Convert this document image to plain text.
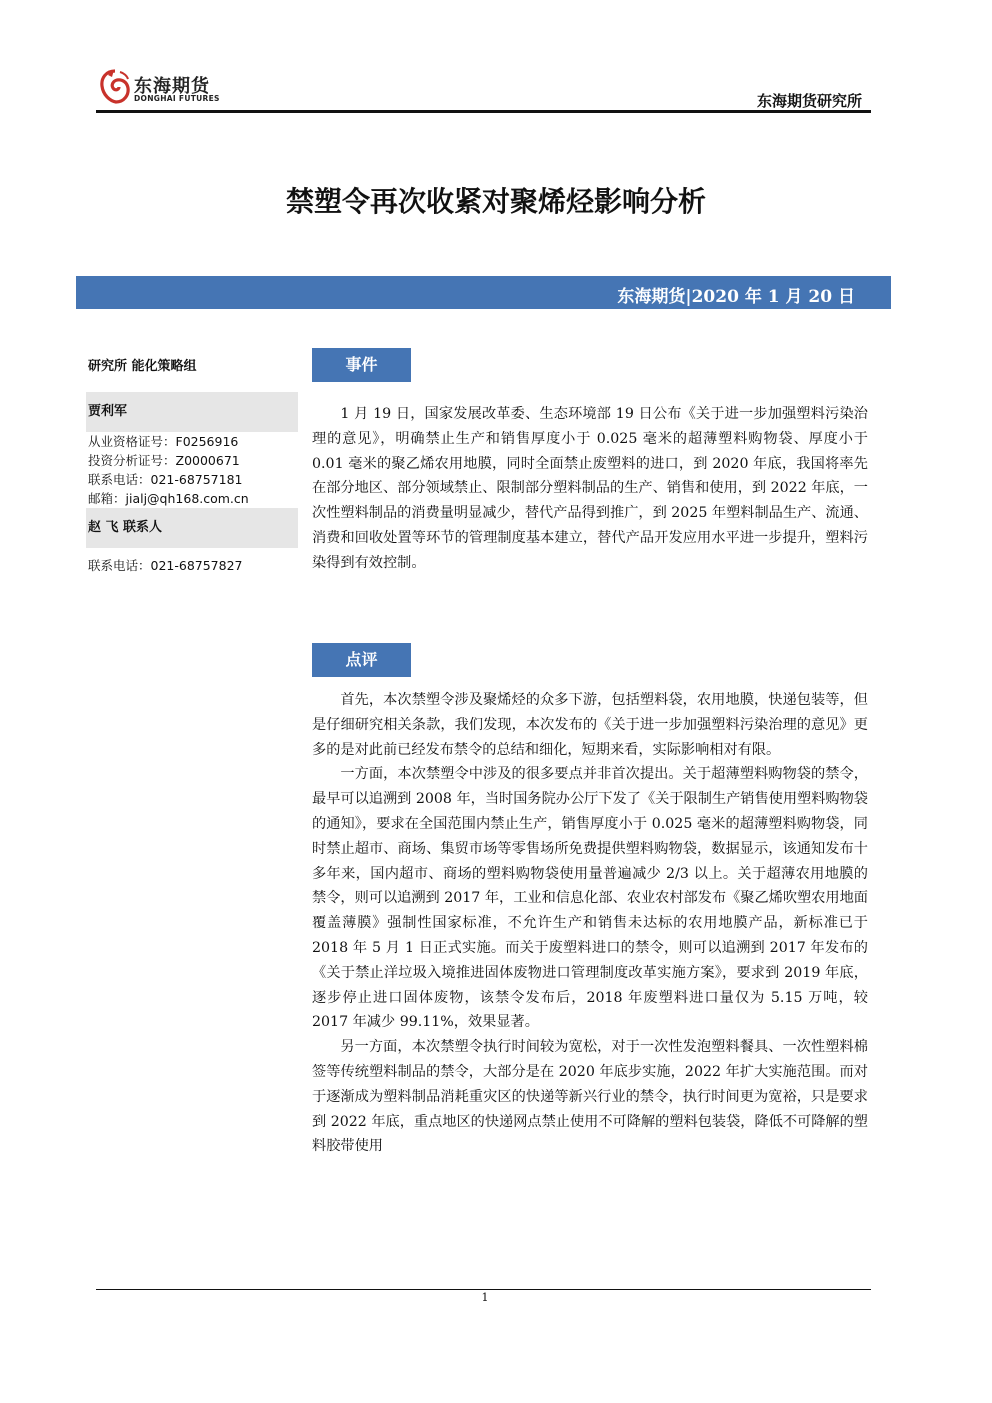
东海期货
DONGHAI FUTURES	东海期货研究所
禁塑令再次收紧对聚烯烃影响分析
东海期货|2020 年 1 月 20 日
研究所 能化策略组
贾利军
从业资格证号：F0256916
投资分析证号：Z0000671
联系电话：021-68757181
邮箱：jialj@qh168.com.cn
赵 飞 联系人
联系电话：021-68757827
事件

1 月 19 日，国家发展改革委、生态环境部 19 日公布《关于进一步加强塑料污染治理的意见》，明确禁止生产和销售厚度小于 0.025 毫米的超薄塑料购物袋、厚度小于 0.01 毫米的聚乙烯农用地膜，同时全面禁止废塑料的进口，到 2020 年底，我国将率先在部分地区、部分领域禁止、限制部分塑料制品的生产、销售和使用，到 2022 年底，一次性塑料制品的消费量明显减少，替代产品得到推广，到 2025 年塑料制品生产、流通、消费和回收处置等环节的管理制度基本建立，替代产品开发应用水平进一步提升，塑料污染得到有效控制。

点评

首先，本次禁塑令涉及聚烯烃的众多下游，包括塑料袋，农用地膜，快递包装等，但是仔细研究相关条款，我们发现，本次发布的《关于进一步加强塑料污染治理的意见》更多的是对此前已经发布禁令的总结和细化，短期来看，实际影响相对有限。

一方面，本次禁塑令中涉及的很多要点并非首次提出。关于超薄塑料购物袋的禁令，最早可以追溯到 2008 年，当时国务院办公厅下发了《关于限制生产销售使用塑料购物袋的通知》，要求在全国范围内禁止生产，销售厚度小于 0.025 毫米的超薄塑料购物袋，同时禁止超市、商场、集贸市场等零售场所免费提供塑料购物袋，数据显示，该通知发布十多年来，国内超市、商场的塑料购物袋使用量普遍减少 2/3 以上。关于超薄农用地膜的禁令，则可以追溯到 2017 年，工业和信息化部、农业农村部发布《聚乙烯吹塑农用地面覆盖薄膜》强制性国家标准，不允许生产和销售未达标的农用地膜产品，新标准已于 2018 年 5 月 1 日正式实施。而关于废塑料进口的禁令，则可以追溯到 2017 年发布的《关于禁止洋垃圾入境推进固体废物进口管理制度改革实施方案》，要求到 2019 年底，逐步停止进口固体废物，该禁令发布后，2018 年废塑料进口量仅为 5.15 万吨，较 2017 年减少 99.11%，效果显著。

另一方面，本次禁塑令执行时间较为宽松，对于一次性发泡塑料餐具、一次性塑料棉签等传统塑料制品的禁令，大部分是在 2020 年底步实施，2022 年扩大实施范围。而对于逐渐成为塑料制品消耗重灾区的快递等新兴行业的禁令，执行时间更为宽裕，只是要求到 2022 年底，重点地区的快递网点禁止使用不可降解的塑料包装袋，降低不可降解的塑料胶带使用

1
